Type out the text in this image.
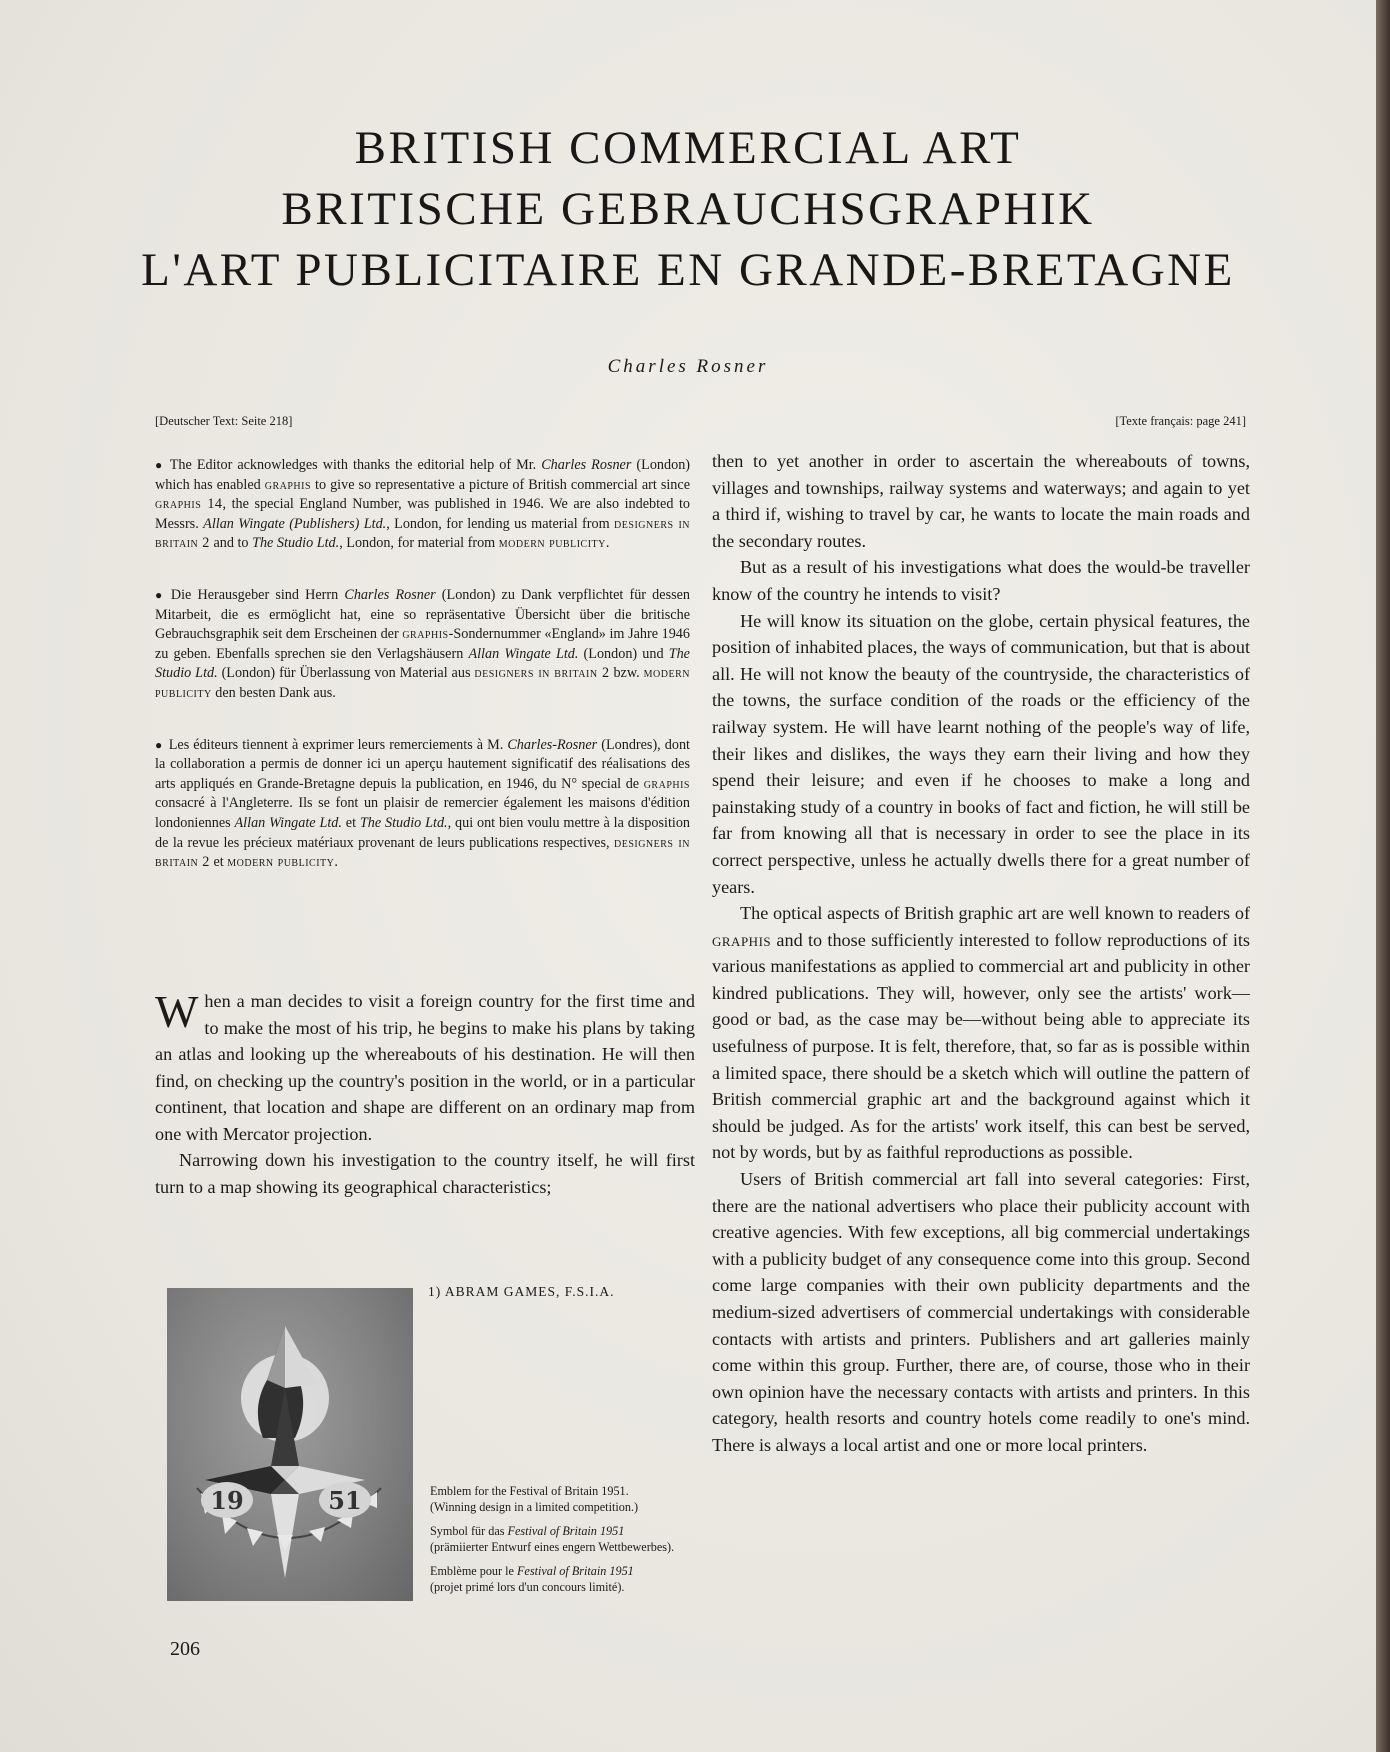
BRITISH COMMERCIAL ART
BRITISCHE GEBRAUCHSGRAPHIK
L'ART PUBLICITAIRE EN GRANDE-BRETAGNE
Charles Rosner
[Deutscher Text: Seite 218]	[Texte français: page 241]

● The Editor acknowledges with thanks the editorial help of Mr. Charles Rosner (London) which has enabled graphis to give so representative a picture of British commercial art since graphis 14, the special England Number, was published in 1946. We are also indebted to Messrs. Allan Wingate (Publishers) Ltd., London, for lending us material from designers in britain 2 and to The Studio Ltd., London, for material from modern publicity.

● Die Herausgeber sind Herrn Charles Rosner (London) zu Dank verpflichtet für dessen Mitarbeit, die es ermöglicht hat, eine so repräsentative Übersicht über die britische Gebrauchsgraphik seit dem Erscheinen der graphis-Sondernummer «England» im Jahre 1946 zu geben. Ebenfalls sprechen sie den Verlagshäusern Allan Wingate Ltd. (London) und The Studio Ltd. (London) für Überlassung von Material aus designers in britain 2 bzw. modern publicity den besten Dank aus.

● Les éditeurs tiennent à exprimer leurs remerciements à M. Charles-Rosner (Londres), dont la collaboration a permis de donner ici un aperçu hautement significatif des réalisations des arts appliqués en Grande-Bretagne depuis la publication, en 1946, du N° special de graphis consacré à l'Angleterre. Ils se font un plaisir de remercier également les maisons d'édition londoniennes Allan Wingate Ltd. et The Studio Ltd., qui ont bien voulu mettre à la disposition de la revue les précieux matériaux provenant de leurs publications respectives, designers in britain 2 et modern publicity.

When a man decides to visit a foreign country for the first time and to make the most of his trip, he begins to make his plans by taking an atlas and looking up the whereabouts of his destination. He will then find, on checking up the country's position in the world, or in a particular continent, that location and shape are different on an ordinary map from one with Mercator projection.

Narrowing down his investigation to the country itself, he will first turn to a map showing its geographical characteristics;

then to yet another in order to ascertain the whereabouts of towns, villages and townships, railway systems and waterways; and again to yet a third if, wishing to travel by car, he wants to locate the main roads and the secondary routes.

But as a result of his investigations what does the would-be traveller know of the country he intends to visit?

He will know its situation on the globe, certain physical features, the position of inhabited places, the ways of communication, but that is about all. He will not know the beauty of the countryside, the characteristics of the towns, the surface condition of the roads or the efficiency of the railway system. He will have learnt nothing of the people's way of life, their likes and dislikes, the ways they earn their living and how they spend their leisure; and even if he chooses to make a long and painstaking study of a country in books of fact and fiction, he will still be far from knowing all that is necessary in order to see the place in its correct perspective, unless he actually dwells there for a great number of years.

The optical aspects of British graphic art are well known to readers of graphis and to those sufficiently interested to follow reproductions of its various manifestations as applied to commercial art and publicity in other kindred publications. They will, however, only see the artists' work—good or bad, as the case may be—without being able to appreciate its usefulness of purpose. It is felt, therefore, that, so far as is possible within a limited space, there should be a sketch which will outline the pattern of British commercial graphic art and the background against which it should be judged. As for the artists' work itself, this can best be served, not by words, but by as faithful reproductions as possible.

Users of British commercial art fall into several categories: First, there are the national advertisers who place their publicity account with creative agencies. With few exceptions, all big commercial undertakings with a publicity budget of any consequence come into this group. Second come large companies with their own publicity departments and the medium-sized advertisers of commercial undertakings with considerable contacts with artists and printers. Publishers and art galleries mainly come within this group. Further, there are, of course, those who in their own opinion have the necessary contacts with artists and printers. In this category, health resorts and country hotels come readily to one's mind. There is always a local artist and one or more local printers.

19	51
1) ABRAM GAMES, F.S.I.A.

Emblem for the Festival of Britain 1951.
(Winning design in a limited competition.)

Symbol für das Festival of Britain 1951
(prämiierter Entwurf eines engern Wettbewerbes).

Emblème pour le Festival of Britain 1951
(projet primé lors d'un concours limité).

206
